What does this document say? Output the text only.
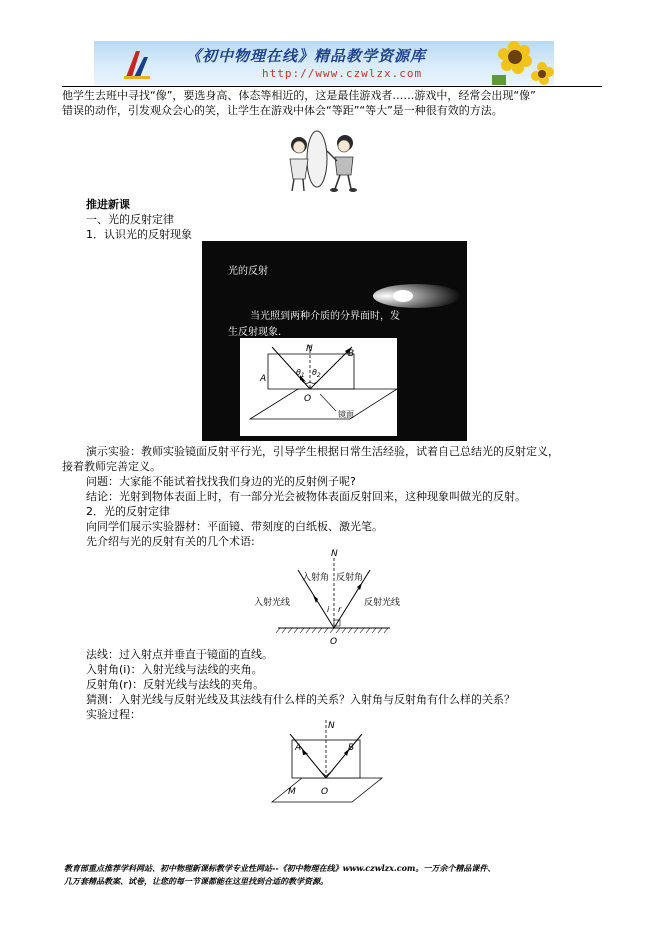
《初中物理在线》精品教学资源库
http://www.czwlzx.com
他学生去班中寻找“像”，要选身高、体态等相近的，这是最佳游戏者……游戏中，经常会出现“像”
错误的动作，引发观众会心的笑，让学生在游戏中体会“等距”“等大”是一种很有效的方法。
推进新课
一、光的反射定律
1．认识光的反射现象
光的反射
当光照到两种介质的分界面时，发
生反射现象.
N	B
A
O
$\theta_1$ $\theta_2$
镜面
演示实验：教师实验镜面反射平行光，引导学生根据日常生活经验，试着自己总结光的反射定义，
接着教师完善定义。
问题：大家能不能试着找找我们身边的光的反射例子呢?
结论：光射到物体表面上时，有一部分光会被物体表面反射回来，这种现象叫做光的反射。
2．光的反射定律
向同学们展示实验器材：平面镜、带刻度的白纸板、激光笔。
先介绍与光的反射有关的几个术语:
N
入射角 反射角
入射光线	反射光线
i r
O
法线：过入射点并垂直于镜面的直线。
入射角(i)：入射光线与法线的夹角。
反射角(r)：反射光线与法线的夹角。
猜测：入射光线与反射光线及其法线有什么样的关系？入射角与反射角有什么样的关系？
实验过程：
N
A	B
M	O
教育部重点推荐学科网站、初中物理新课标教学专业性网站--《初中物理在线》www.czwlzx.com。一万余个精品课件、
几万套精品教案、试卷，让您的每一节课都能在这里找到合适的教学资源。
